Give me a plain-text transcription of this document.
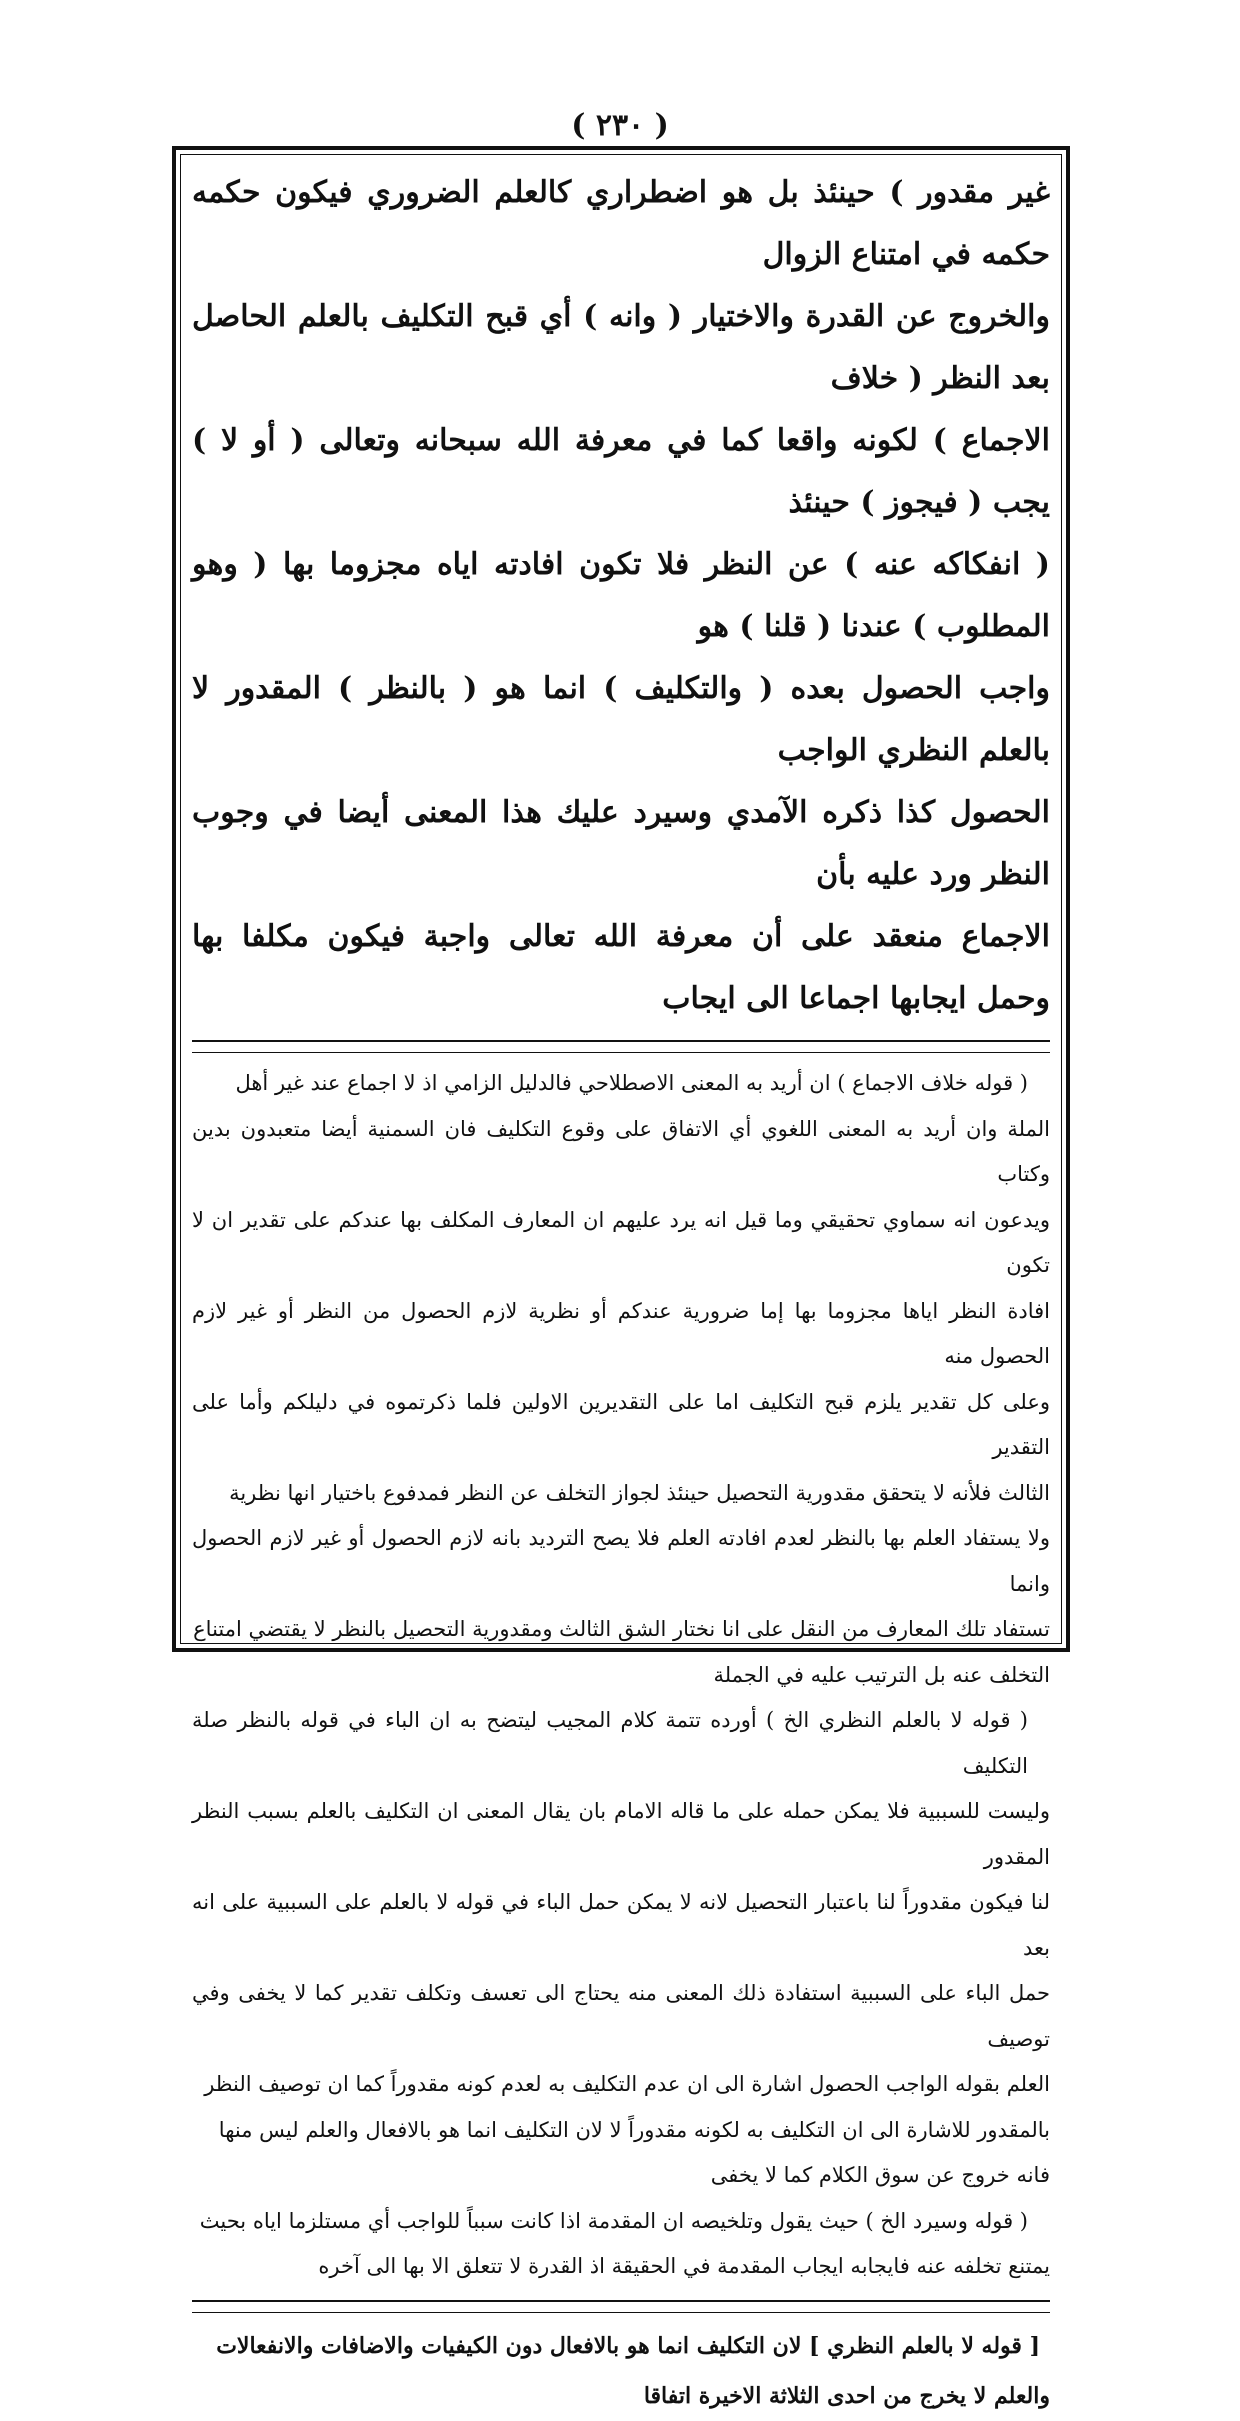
( ٢٣٠ )

غير مقدور ) حينئذ بل هو اضطراري كالعلم الضروري فيكون حكمه حكمه في امتناع الزوال

والخروج عن القدرة والاختيار ( وانه ) أي قبح التكليف بالعلم الحاصل بعد النظر ( خلاف

الاجماع ) لكونه واقعا كما في معرفة الله سبحانه وتعالى ( أو لا ) يجب ( فيجوز ) حينئذ

( انفكاكه عنه ) عن النظر فلا تكون افادته اياه مجزوما بها ( وهو المطلوب ) عندنا ( قلنا ) هو

واجب الحصول بعده ( والتكليف ) انما هو ( بالنظر ) المقدور لا بالعلم النظري الواجب

الحصول كذا ذكره الآمدي وسيرد عليك هذا المعنى أيضا في وجوب النظر ورد عليه بأن

الاجماع منعقد على أن معرفة الله تعالى واجبة فيكون مكلفا بها وحمل ايجابها اجماعا الى ايجاب

( قوله خلاف الاجماع ) ان أريد به المعنى الاصطلاحي فالدليل الزامي اذ لا اجماع عند غير أهل

الملة وان أريد به المعنى اللغوي أي الاتفاق على وقوع التكليف فان السمنية أيضا متعبدون بدين وكتاب

ويدعون انه سماوي تحقيقي وما قيل انه يرد عليهم ان المعارف المكلف بها عندكم على تقدير ان لا تكون

افادة النظر اياها مجزوما بها إما ضرورية عندكم أو نظرية لازم الحصول من النظر أو غير لازم الحصول منه

وعلى كل تقدير يلزم قبح التكليف اما على التقديرين الاولين فلما ذكرتموه في دليلكم وأما على التقدير

الثالث فلأنه لا يتحقق مقدورية التحصيل حينئذ لجواز التخلف عن النظر فمدفوع باختيار انها نظرية

ولا يستفاد العلم بها بالنظر لعدم افادته العلم فلا يصح الترديد بانه لازم الحصول أو غير لازم الحصول وانما

تستفاد تلك المعارف من النقل على انا نختار الشق الثالث ومقدورية التحصيل بالنظر لا يقتضي امتناع

التخلف عنه بل الترتيب عليه في الجملة

( قوله لا بالعلم النظري الخ ) أورده تتمة كلام المجيب ليتضح به ان الباء في قوله بالنظر صلة التكليف

وليست للسببية فلا يمكن حمله على ما قاله الامام بان يقال المعنى ان التكليف بالعلم بسبب النظر المقدور

لنا فيكون مقدوراً لنا باعتبار التحصيل لانه لا يمكن حمل الباء في قوله لا بالعلم على السببية على انه بعد

حمل الباء على السببية استفادة ذلك المعنى منه يحتاج الى تعسف وتكلف تقدير كما لا يخفى وفي توصيف

العلم بقوله الواجب الحصول اشارة الى ان عدم التكليف به لعدم كونه مقدوراً كما ان توصيف النظر

بالمقدور للاشارة الى ان التكليف به لكونه مقدوراً لا لان التكليف انما هو بالافعال والعلم ليس منها

فانه خروج عن سوق الكلام كما لا يخفى

( قوله وسيرد الخ ) حيث يقول وتلخيصه ان المقدمة اذا كانت سبباً للواجب أي مستلزما اياه بحيث

يمتنع تخلفه عنه فايجابه ايجاب المقدمة في الحقيقة اذ القدرة لا تتعلق الا بها الى آخره

[ قوله لا بالعلم النظري ] لان التكليف انما هو بالافعال دون الكيفيات والاضافات والانفعالات

والعلم لا يخرج من احدى الثلاثة الاخيرة اتفاقا
